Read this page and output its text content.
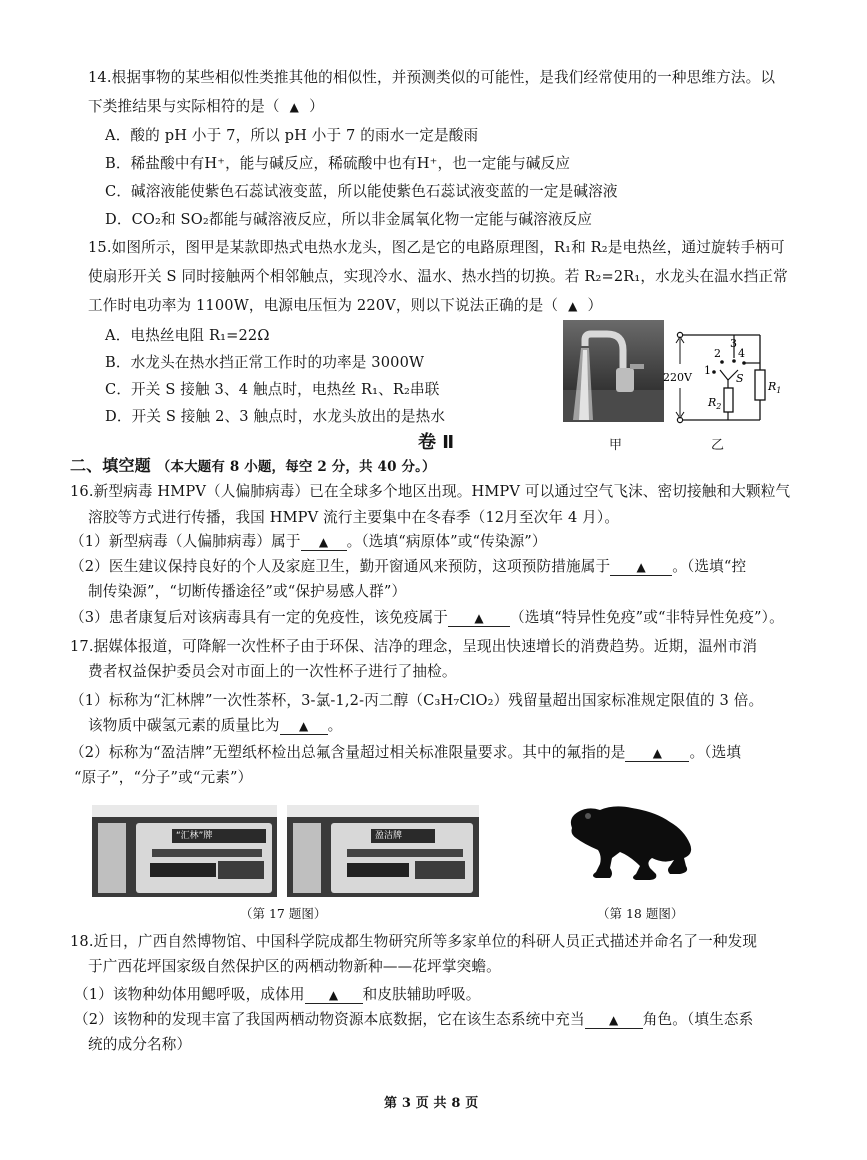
14.根据事物的某些相似性类推其他的相似性，并预测类似的可能性，是我们经常使用的一种思维方法。以
下类推结果与实际相符的是（ ▲ ）
A．酸的 pH 小于 7，所以 pH 小于 7 的雨水一定是酸雨
B．稀盐酸中有H⁺，能与碱反应，稀硫酸中也有H⁺，也一定能与碱反应
C．碱溶液能使紫色石蕊试液变蓝，所以能使紫色石蕊试液变蓝的一定是碱溶液
D．CO₂和 SO₂都能与碱溶液反应，所以非金属氧化物一定能与碱溶液反应
15.如图所示，图甲是某款即热式电热水龙头，图乙是它的电路原理图，R₁和 R₂是电热丝，通过旋转手柄可
使扇形开关 S 同时接触两个相邻触点，实现冷水、温水、热水挡的切换。若 R₂=2R₁，水龙头在温水挡正常
工作时电功率为 1100W，电源电压恒为 220V，则以下说法正确的是（ ▲ ）
A．电热丝电阻 R₁=22Ω
B．水龙头在热水挡正常工作时的功率是 3000W
C．开关 S 接触 3、4 触点时，电热丝 R₁、R₂串联
D．开关 S 接触 2、3 触点时，水龙头放出的是热水
甲
220V
$R_1$
3
4
2
1
S
$R_2$
乙
卷 Ⅱ
二、填空题 （本大题有 8 小题，每空 2 分，共 40 分。）
16.新型病毒 HMPV（人偏肺病毒）已在全球多个地区出现。HMPV 可以通过空气飞沫、密切接触和大颗粒气
溶胶等方式进行传播，我国 HMPV 流行主要集中在冬春季（12月至次年 4 月）。
（1）新型病毒（人偏肺病毒）属于 ▲ 。（选填“病原体”或“传染源”）
（2）医生建议保持良好的个人及家庭卫生，勤开窗通风来预防，这项预防措施属于 ▲ 。（选填“控
制传染源”，“切断传播途径”或“保护易感人群”）
（3）患者康复后对该病毒具有一定的免疫性，该免疫属于 ▲ （选填“特异性免疫”或“非特异性免疫”）。
17.据媒体报道，可降解一次性杯子由于环保、洁净的理念，呈现出快速增长的消费趋势。近期，温州市消
费者权益保护委员会对市面上的一次性杯子进行了抽检。
（1）标称为“汇林牌”一次性茶杯，3-氯-1,2-丙二醇（C₃H₇ClO₂）残留量超出国家标准规定限值的 3 倍。
该物质中碳氢元素的质量比为 ▲ 。
（2）标称为“盈洁牌”无塑纸杯检出总氟含量超过相关标准限量要求。其中的氟指的是 ▲ 。（选填
“原子”，“分子”或“元素”）
“汇林”牌	盈洁牌
（第 17 题图）	（第 18 题图）
18.近日，广西自然博物馆、中国科学院成都生物研究所等多家单位的科研人员正式描述并命名了一种发现
于广西花坪国家级自然保护区的两栖动物新种——花坪掌突蟾。
（1）该物种幼体用鳃呼吸，成体用 ▲ 和皮肤辅助呼吸。
（2）该物种的发现丰富了我国两栖动物资源本底数据，它在该生态系统中充当 ▲ 角色。（填生态系
统的成分名称）
第 3 页 共 8 页
